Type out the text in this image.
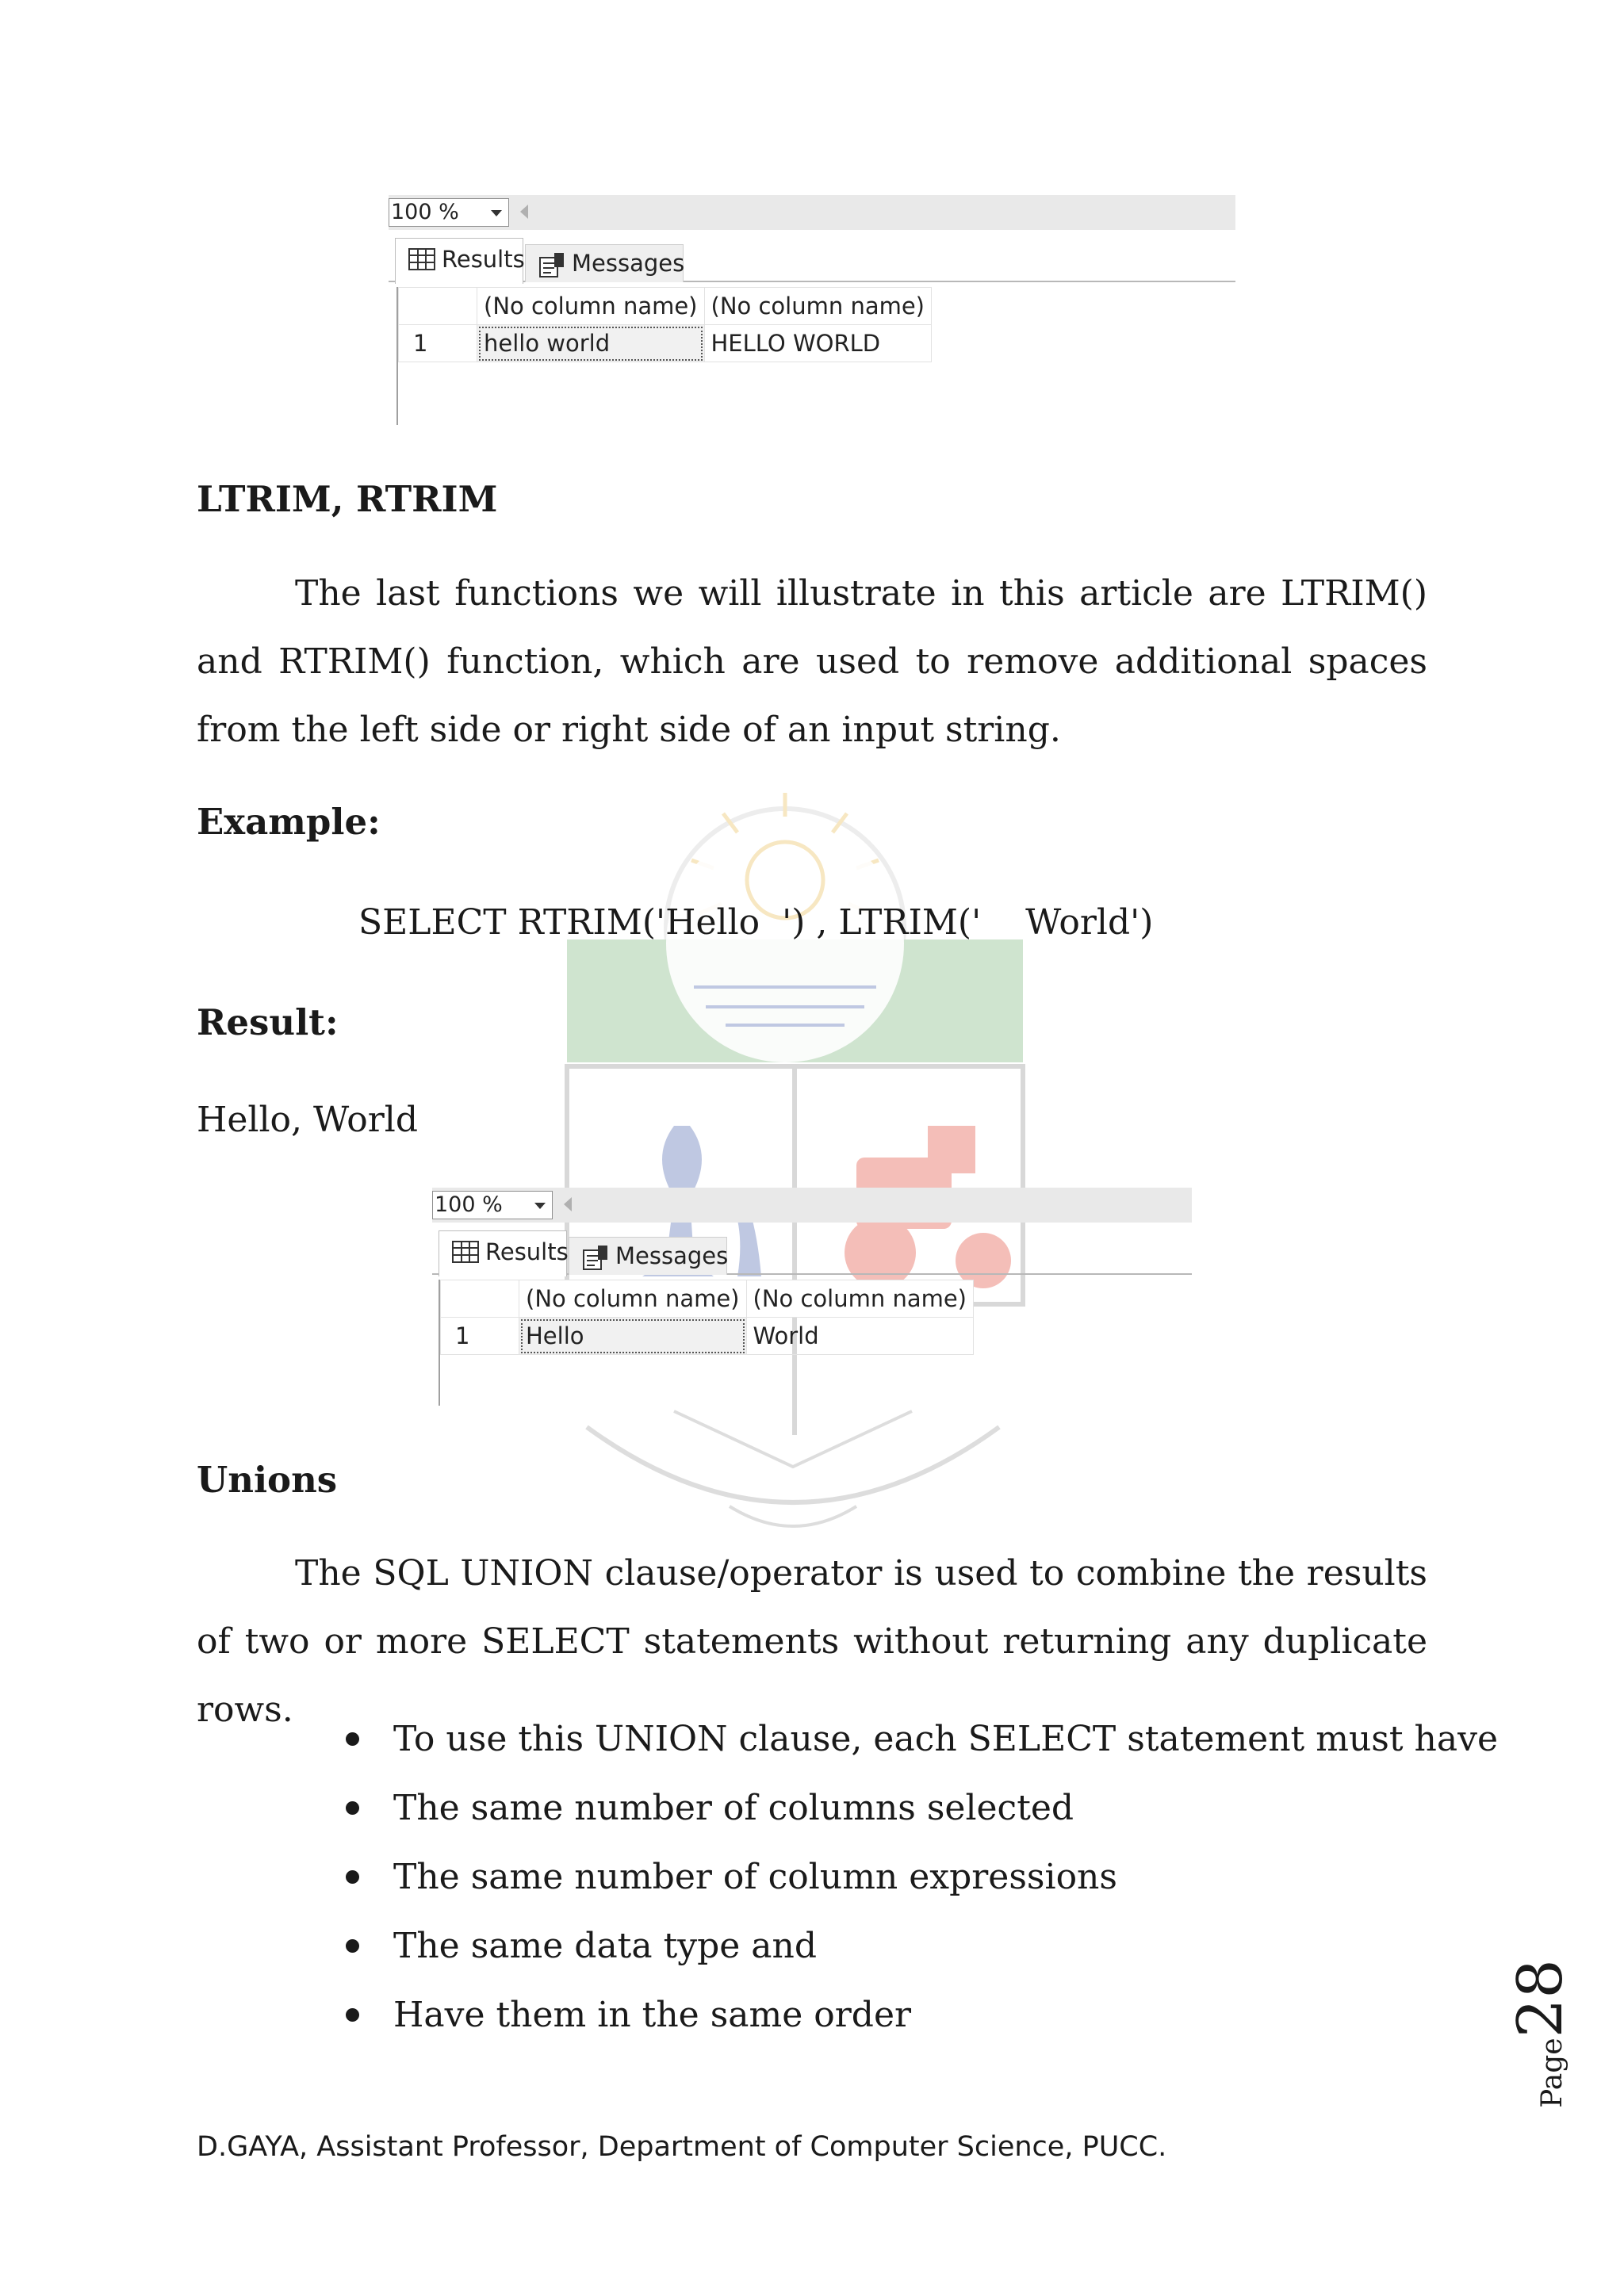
100 %
Results	Messages
	(No column name)	(No column name)
1	hello world	HELLO WORLD
LTRIM, RTRIM
The last functions we will illustrate in this article are LTRIM() and RTRIM() function, which are used to remove additional spaces from the left side or right side of an input string.
Example:
SELECT RTRIM('Hello  ') , LTRIM('    World')
Result:
Hello, World
100 %
Results	Messages
	(No column name)	(No column name)
1	Hello	World
Unions
The SQL UNION clause/operator is used to combine the results of two or more SELECT statements without returning any duplicate rows.
To use this UNION clause, each SELECT statement must have
The same number of columns selected
The same number of column expressions
The same data type and
Have them in the same order
Page28
D.GAYA, Assistant Professor, Department of Computer Science, PUCC.
